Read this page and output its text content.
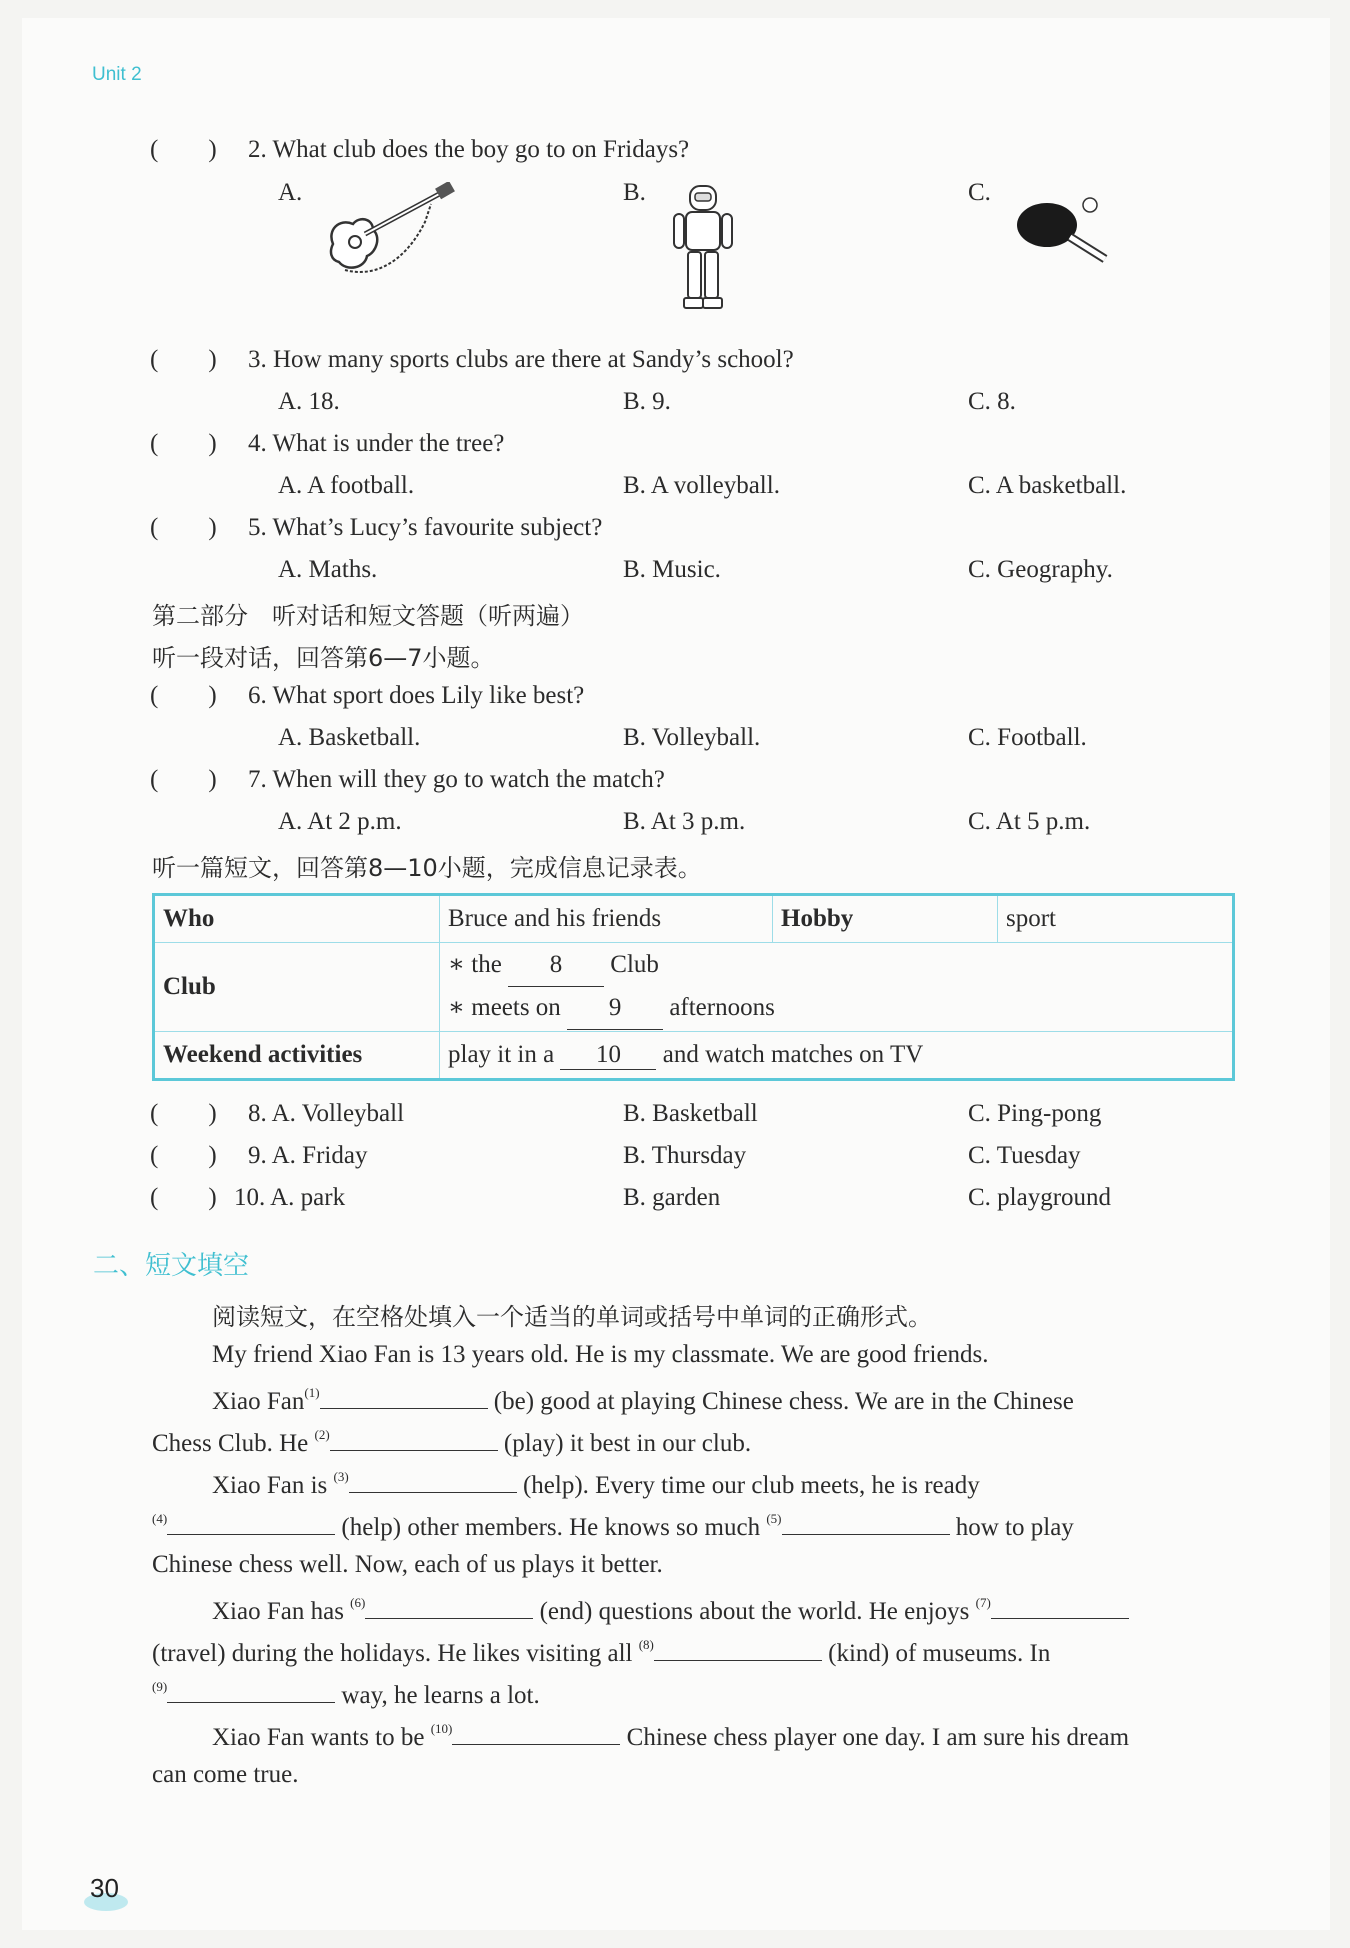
Unit 2
(　　) 2. What club does the boy go to on Fridays?
A.	B.	C.
(　　) 3. How many sports clubs are there at Sandy’s school?
A. 18.	B. 9.	C. 8.
(　　) 4. What is under the tree?
A. A football.	B. A volleyball.	C. A basketball.
(　　) 5. What’s Lucy’s favourite subject?
A. Maths.	B. Music.	C. Geography.
第二部分　听对话和短文答题（听两遍）
听一段对话，回答第6—7小题。
(　　) 6. What sport does Lily like best?
A. Basketball.	B. Volleyball.	C. Football.
(　　) 7. When will they go to watch the match?
A. At 2 p.m.	B. At 3 p.m.	C. At 5 p.m.
听一篇短文，回答第8—10小题，完成信息记录表。
Who	Bruce and his friends	Hobby	sport
Club	∗ the 8 Club
∗ meets on 9 afternoons		

Weekend activities	play it in a 10 and watch matches on TV		
(　　) 8. A. Volleyball	B. Basketball	C. Ping-pong
(　　) 9. A. Friday	B. Thursday	C. Tuesday
(　　) 10. A. park	B. garden	C. playground
二、短文填空
阅读短文，在空格处填入一个适当的单词或括号中单词的正确形式。
My friend Xiao Fan is 13 years old. He is my classmate. We are good friends.
Xiao Fan$^{(1)}$	(be) good at playing Chinese chess. We are in the Chinese
Chess Club. He $^{(2)}$	(play) it best in our club.
Xiao Fan is $^{(3)}$	(help). Every time our club meets, he is ready
$^{(4)}$	(help) other members. He knows so much $^{(5)}$	how to play
Chinese chess well. Now, each of us plays it better.
Xiao Fan has $^{(6)}$	(end) questions about the world. He enjoys $^{(7)}$
(travel) during the holidays. He likes visiting all $^{(8)}$	(kind) of museums. In
$^{(9)}$	way, he learns a lot.
Xiao Fan wants to be $^{(10)}$	Chinese chess player one day. I am sure his dream
can come true.
30
